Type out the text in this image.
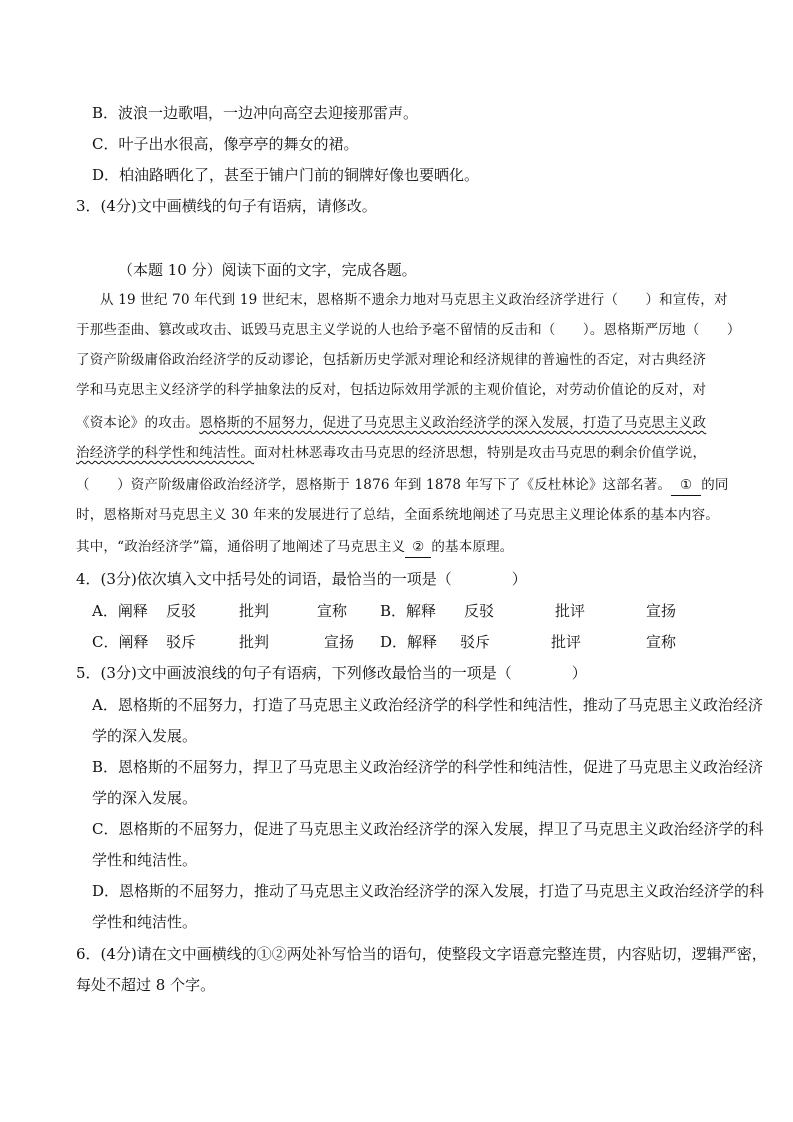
B．波浪一边歌唱，一边冲向高空去迎接那雷声。
C．叶子出水很高，像亭亭的舞女的裙。
D．柏油路晒化了，甚至于铺户门前的铜牌好像也要晒化。
3．(4分)文中画横线的句子有语病，请修改。
（本题 10 分）阅读下面的文字，完成各题。
从 19 世纪 70 年代到 19 世纪末，恩格斯不遗余力地对马克思主义政治经济学进行（　　）和宣传，对
于那些歪曲、篡改或攻击、诋毁马克思主义学说的人也给予毫不留情的反击和（　　）。恩格斯严厉地（　　）
了资产阶级庸俗政治经济学的反动谬论，包括新历史学派对理论和经济规律的普遍性的否定，对古典经济
学和马克思主义经济学的科学抽象法的反对，包括边际效用学派的主观价值论，对劳动价值论的反对，对
《资本论》的攻击。恩格斯的不屈努力，促进了马克思主义政治经济学的深入发展，打造了马克思主义政
治经济学的科学性和纯洁性。面对杜林恶毒攻击马克思的经济思想，特别是攻击马克思的剩余价值学说，
（　　）资产阶级庸俗政治经济学，恩格斯于 1876 年到 1878 年写下了《反杜林论》这部名著。 ① 的同
时，恩格斯对马克思主义 30 年来的发展进行了总结，全面系统地阐述了马克思主义理论体系的基本内容。
其中，“政治经济学”篇，通俗明了地阐述了马克思主义 ② 的基本原理。
4．(3分)依次填入文中括号处的词语，最恰当的一项是（　　　　）
A．阐释 反驳	批判	宣称 B．解释 反驳	批评	宣扬
C．阐释 驳斥	批判	宣扬 D．解释 驳斥	批评	宣称
5．(3分)文中画波浪线的句子有语病，下列修改最恰当的一项是（　　　　）
A．恩格斯的不屈努力，打造了马克思主义政治经济学的科学性和纯洁性，推动了马克思主义政治经济
学的深入发展。
B．恩格斯的不屈努力，捍卫了马克思主义政治经济学的科学性和纯洁性，促进了马克思主义政治经济
学的深入发展。
C．恩格斯的不屈努力，促进了马克思主义政治经济学的深入发展，捍卫了马克思主义政治经济学的科
学性和纯洁性。
D．恩格斯的不屈努力，推动了马克思主义政治经济学的深入发展，打造了马克思主义政治经济学的科
学性和纯洁性。
6．(4分)请在文中画横线的①②两处补写恰当的语句，使整段文字语意完整连贯，内容贴切，逻辑严密，
每处不超过 8 个字。
